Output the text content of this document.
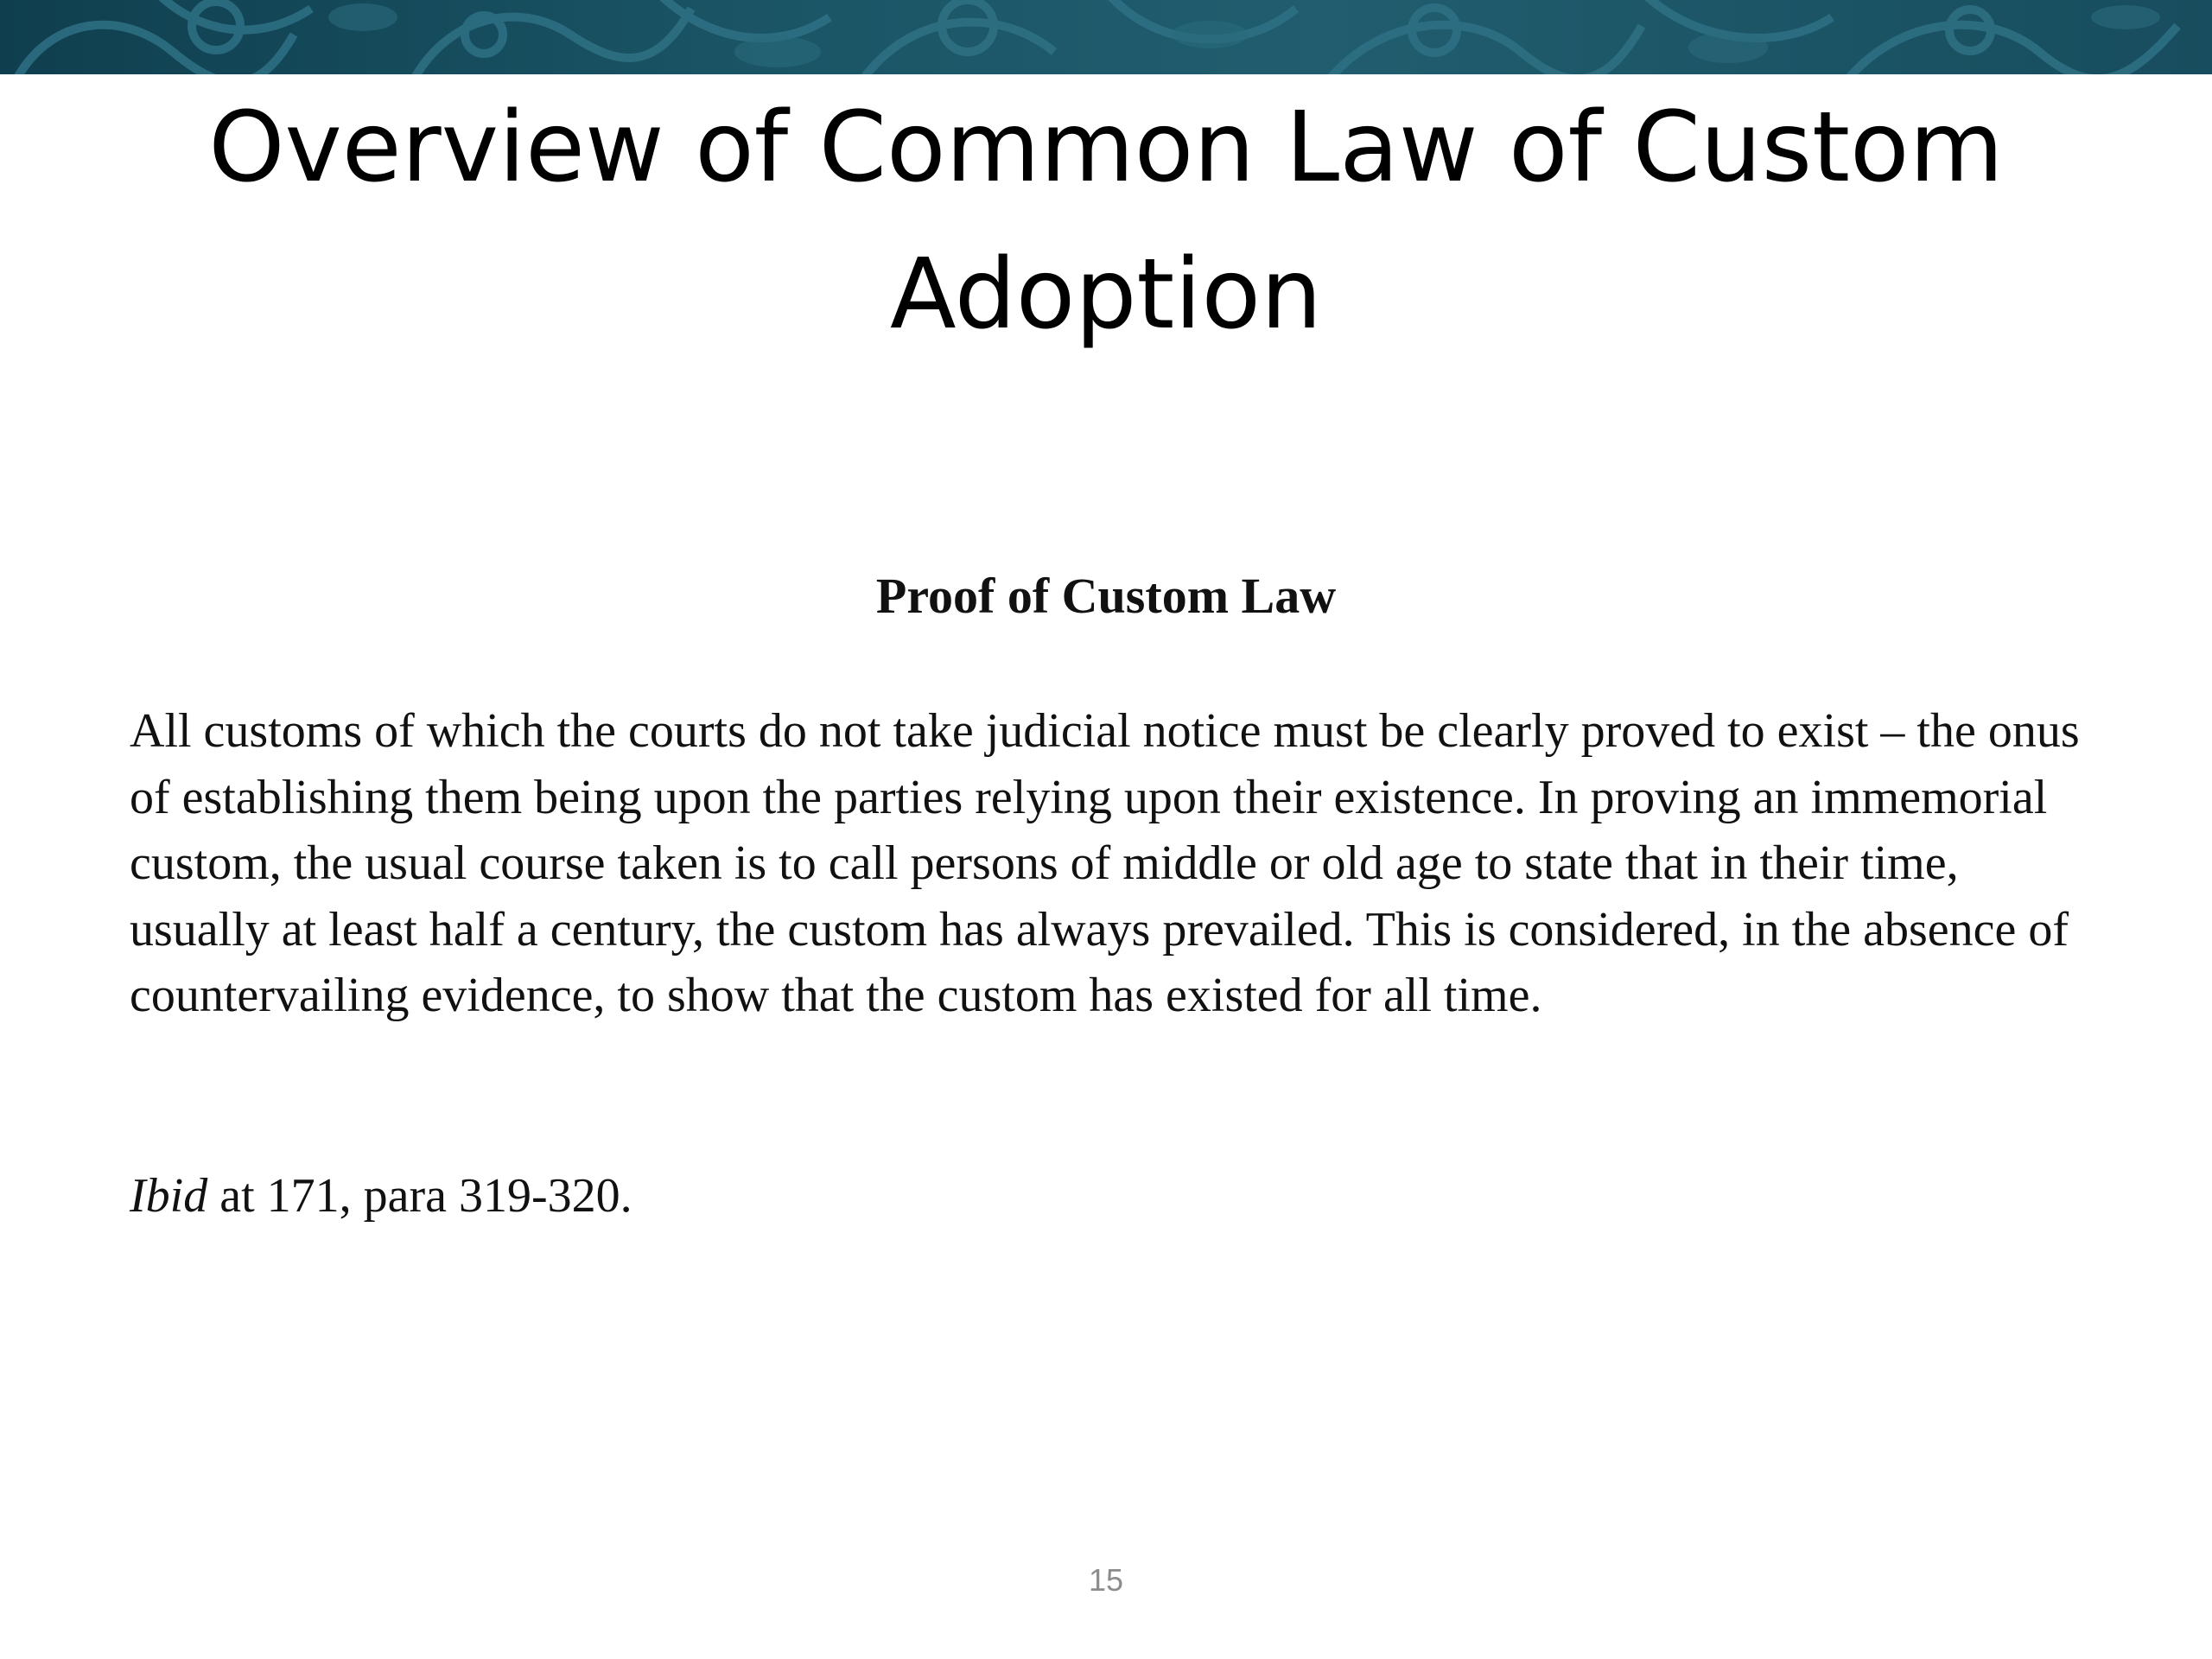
Overview of Common Law of Custom Adoption
Proof of Custom Law

All customs of which the courts do not take judicial notice must be clearly proved to exist – the onus of establishing them being upon the parties relying upon their existence. In proving an immemorial custom, the usual course taken is to call persons of middle or old age to state that in their time, usually at least half a century, the custom has always prevailed. This is considered, in the absence of countervailing evidence, to show that the custom has existed for all time.

Ibid at 171, para 319-320.
15
